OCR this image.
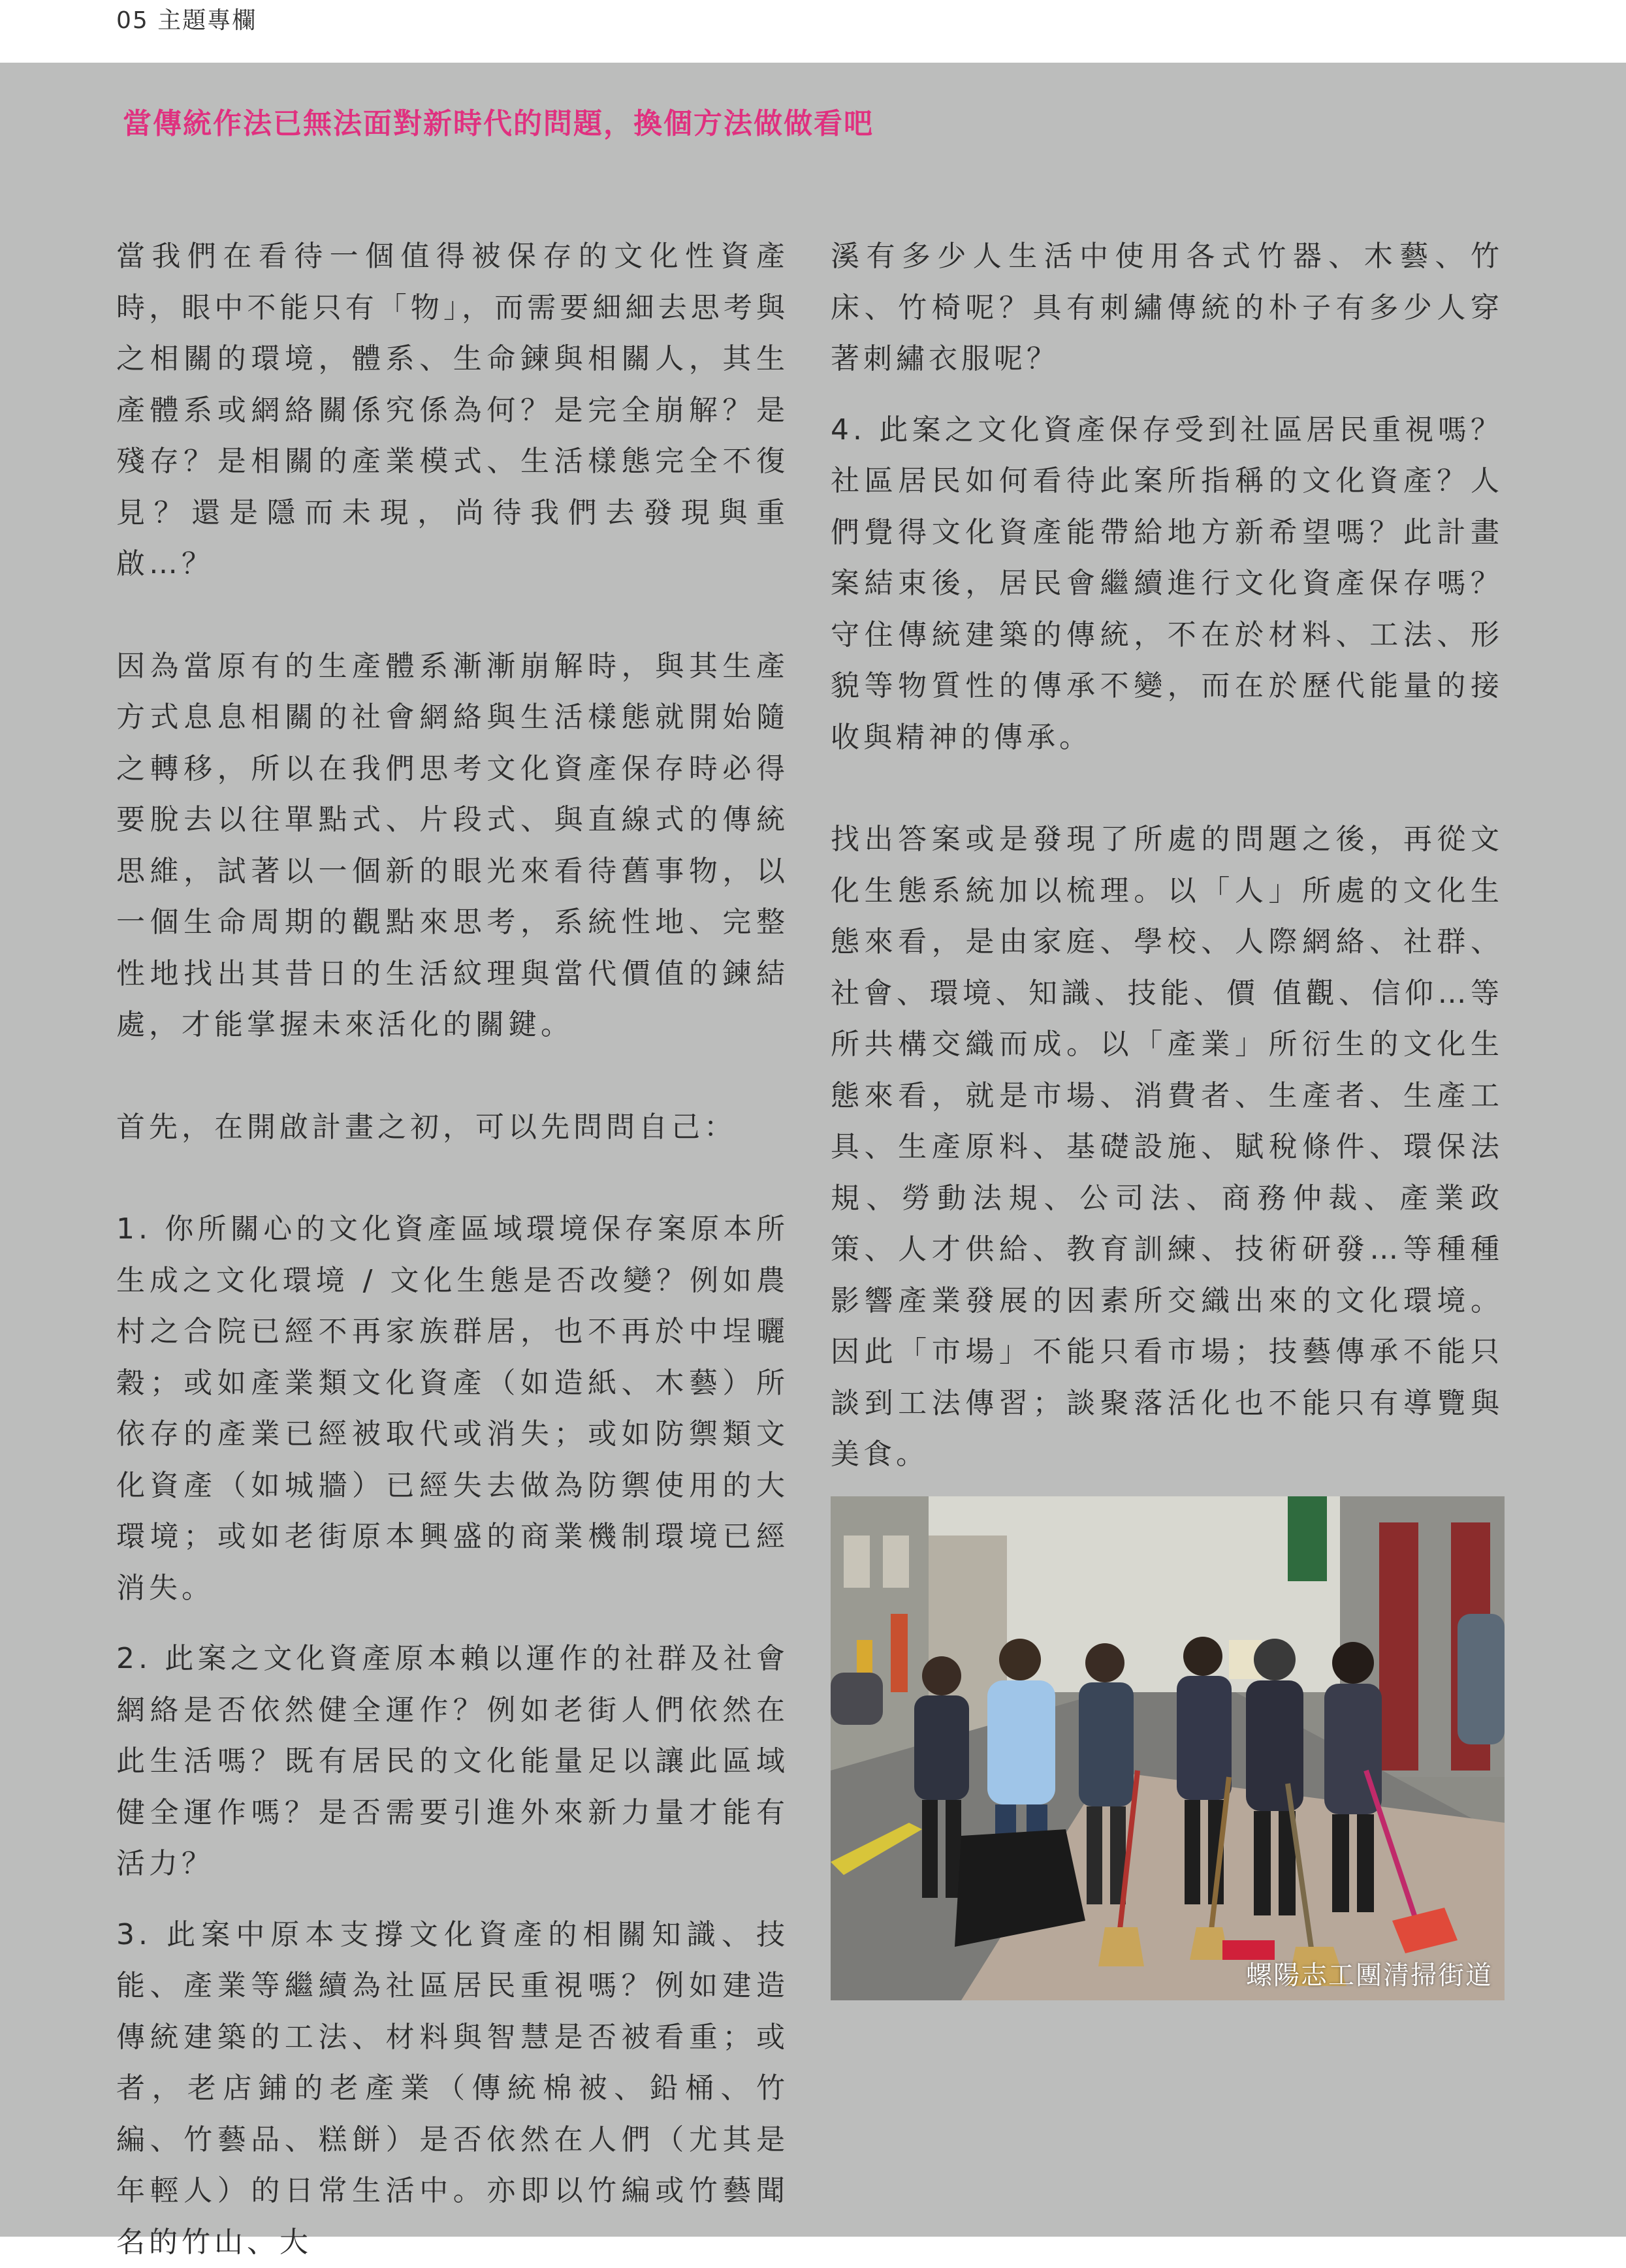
05 主題專欄
當傳統作法已無法面對新時代的問題，換個方法做做看吧

當我們在看待一個值得被保存的文化性資產時，眼中不能只有「物」，而需要細細去思考與之相關的環境，體系、生命鍊與相關人，其生產體系或網絡關係究係為何？是完全崩解？是殘存？是相關的產業模式、生活樣態完全不復見？還是隱而未現，尚待我們去發現與重啟…？

因為當原有的生產體系漸漸崩解時，與其生產方式息息相關的社會網絡與生活樣態就開始隨之轉移，所以在我們思考文化資產保存時必得要脫去以往單點式、片段式、與直線式的傳統思維，試著以一個新的眼光來看待舊事物，以一個生命周期的觀點來思考，系統性地、完整性地找出其昔日的生活紋理與當代價值的鍊結處，才能掌握未來活化的關鍵。

首先，在開啟計畫之初，可以先問問自己：

1. 你所關心的文化資產區域環境保存案原本所生成之文化環境 / 文化生態是否改變？例如農村之合院已經不再家族群居，也不再於中埕曬穀；或如產業類文化資產（如造紙、木藝）所依存的產業已經被取代或消失；或如防禦類文化資產（如城牆）已經失去做為防禦使用的大環境；或如老街原本興盛的商業機制環境已經消失。

2. 此案之文化資產原本賴以運作的社群及社會網絡是否依然健全運作？例如老街人們依然在此生活嗎？既有居民的文化能量足以讓此區域健全運作嗎？是否需要引進外來新力量才能有活力？

3. 此案中原本支撐文化資產的相關知識、技能、產業等繼續為社區居民重視嗎？例如建造傳統建築的工法、材料與智慧是否被看重；或者，老店鋪的老產業（傳統棉被、鉛桶、竹編、竹藝品、糕餅）是否依然在人們（尤其是年輕人）的日常生活中。亦即以竹編或竹藝聞名的竹山、大

溪有多少人生活中使用各式竹器、木藝、竹床、竹椅呢？具有刺繡傳統的朴子有多少人穿著刺繡衣服呢？

4. 此案之文化資產保存受到社區居民重視嗎？社區居民如何看待此案所指稱的文化資產？人們覺得文化資產能帶給地方新希望嗎？此計畫案結束後，居民會繼續進行文化資產保存嗎？守住傳統建築的傳統，不在於材料、工法、形貌等物質性的傳承不變，而在於歷代能量的接收與精神的傳承。

找出答案或是發現了所處的問題之後，再從文化生態系統加以梳理。以「人」所處的文化生態來看，是由家庭、學校、人際網絡、社群、社會、環境、知識、技能、價 值觀、信仰…等所共構交織而成。以「產業」所衍生的文化生態來看，就是市場、消費者、生產者、生產工具、生產原料、基礎設施、賦稅條件、環保法規、勞動法規、公司法、商務仲裁、產業政策、人才供給、教育訓練、技術研發…等種種影響產業發展的因素所交織出來的文化環境。因此「市場」不能只看市場；技藝傳承不能只談到工法傳習；談聚落活化也不能只有導覽與美食。

螺陽志工團清掃街道
